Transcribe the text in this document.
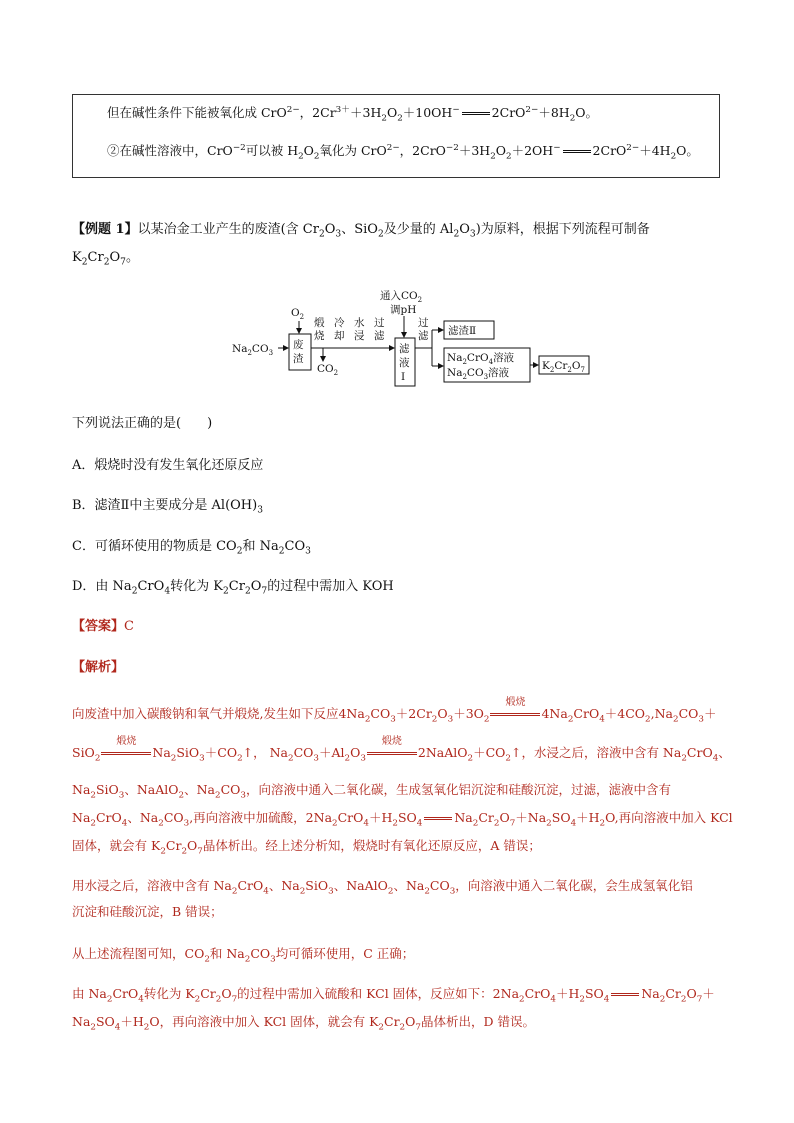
但在碱性条件下能被氧化成 CrO$^{2-}$，$2Cr^{3+}+3H_2O_2+10OH^-$	$2CrO^{2-}+8H_2O$。
②在碱性溶液中，CrO$^{-2}$可以被 $H_2O_2$氧化为 CrO$^{2-}$，$2CrO^{-2}+3H_2O_2+2OH^-$	$2CrO^{2-}+4H_2O$。
【例题 1】以某冶金工业产生的废渣(含 $Cr_2O_3$、SiO$_2$及少量的 $Al_2O_3$)为原料，根据下列流程可制备
$K_2Cr_2O_7$。
$Na_2CO_3$
$O_2$
废渣
$CO_2$
煅烧
冷却
水浸
过滤
通入$CO_2$
调pH
滤液 Ⅰ
过滤 滤渣Ⅱ
$Na_2CrO_4$溶液
$Na_2CO_3$溶液
$K_2Cr_2O_7$
下列说法正确的是(　　)
A．煅烧时没有发生氧化还原反应
B．滤渣Ⅱ中主要成分是 $Al(OH)_3$
C．可循环使用的物质是 $CO_2$和 $Na_2CO_3$
D．由 $Na_2CrO_4$转化为 $K_2Cr_2O_7$的过程中需加入 KOH
【答案】C
【解析】
向废渣中加入碳酸钠和氧气并煅烧,发生如下反应$4Na_2CO_3+2Cr_2O_3+3O_2$
煅烧
$4Na_2CrO_4+4CO_2,Na_2CO_3+$
SiO$_2$
煅烧
$Na_2SiO_3+CO_2↑$， $Na_2CO_3+Al_2O_3$
煅烧
$2NaAlO_2+CO_2↑$，水浸之后，溶液中含有 $Na_2CrO_4$、
$Na_2SiO_3$、NaAlO$_2$、$Na_2CO_3$，向溶液中通入二氧化碳，生成氢氧化铝沉淀和硅酸沉淀，过滤，滤液中含有
$Na_2CrO_4$、$Na_2CO_3$,再向溶液中加硫酸，$2Na_2CrO_4+H_2SO_4$	$Na_2Cr_2O_7+Na_2SO_4+H_2O$,再向溶液中加入 KCl
固体，就会有 $K_2Cr_2O_7$晶体析出。经上述分析知，煅烧时有氧化还原反应，A 错误；
用水浸之后，溶液中含有 $Na_2CrO_4$、$Na_2SiO_3$、NaAlO$_2$、$Na_2CO_3$，向溶液中通入二氧化碳，会生成氢氧化铝
沉淀和硅酸沉淀，B 错误；
从上述流程图可知，$CO_2$和 $Na_2CO_3$均可循环使用，C 正确；
由 $Na_2CrO_4$转化为 $K_2Cr_2O_7$的过程中需加入硫酸和 KCl 固体，反应如下：$2Na_2CrO_4+H_2SO_4$	$Na_2Cr_2O_7+$
$Na_2SO_4+H_2O$，再向溶液中加入 KCl 固体，就会有 $K_2Cr_2O_7$晶体析出，D 错误。
